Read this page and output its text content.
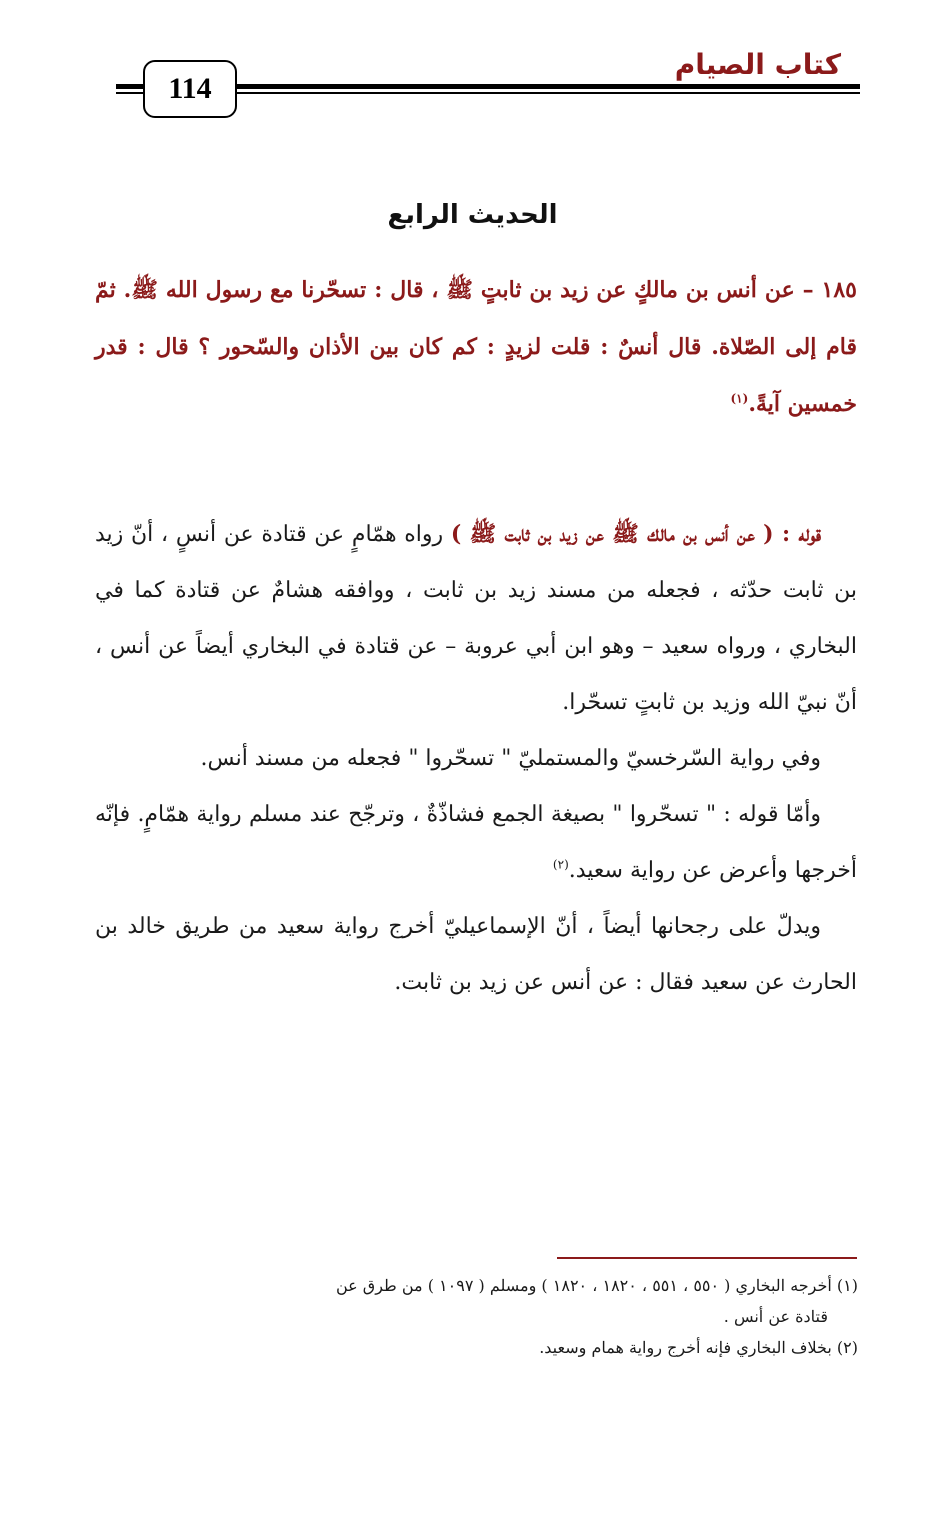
كتاب الصيام
114
الحديث الرابع
١٨٥ – عن أنس بن مالكٍ عن زيد بن ثابتٍ ﷺ ، قال : تسحّرنا مع رسول الله ﷺ. ثمّ قام إلى الصّلاة. قال أنسٌ : قلت لزيدٍ : كم كان بين الأذان والسّحور ؟ قال : قدر خمسين آيةً.$^{(١)}$

قوله : ( عن أنس بن مالك ﷺ عن زيد بن ثابت ﷺ ) رواه همّامٍ عن قتادة عن أنسٍ ، أنّ زيد بن ثابت حدّثه ، فجعله من مسند زيد بن ثابت ، ووافقه هشامٌ عن قتادة كما في البخاري ، ورواه سعيد – وهو ابن أبي عروبة – عن قتادة في البخاري أيضاً عن أنس ، أنّ نبيّ الله وزيد بن ثابتٍ تسحّرا.

وفي رواية السّرخسيّ والمستمليّ " تسحّروا " فجعله من مسند أنس.

وأمّا قوله : " تسحّروا " بصيغة الجمع فشاذّةٌ ، وترجّح عند مسلم رواية همّامٍ. فإنّه أخرجها وأعرض عن رواية سعيد.$^{(٢)}$

ويدلّ على رجحانها أيضاً ، أنّ الإسماعيليّ أخرج رواية سعيد من طريق خالد بن الحارث عن سعيد فقال : عن أنس عن زيد بن ثابت.

(١) أخرجه البخاري ( ٥٥٠ ، ٥٥١ ، ١٨٢٠ ، ١٨٢٠ ) ومسلم ( ١٠٩٧ ) من طرق عن

قتادة عن أنس .

(٢) بخلاف البخاري فإنه أخرج رواية همام وسعيد.
